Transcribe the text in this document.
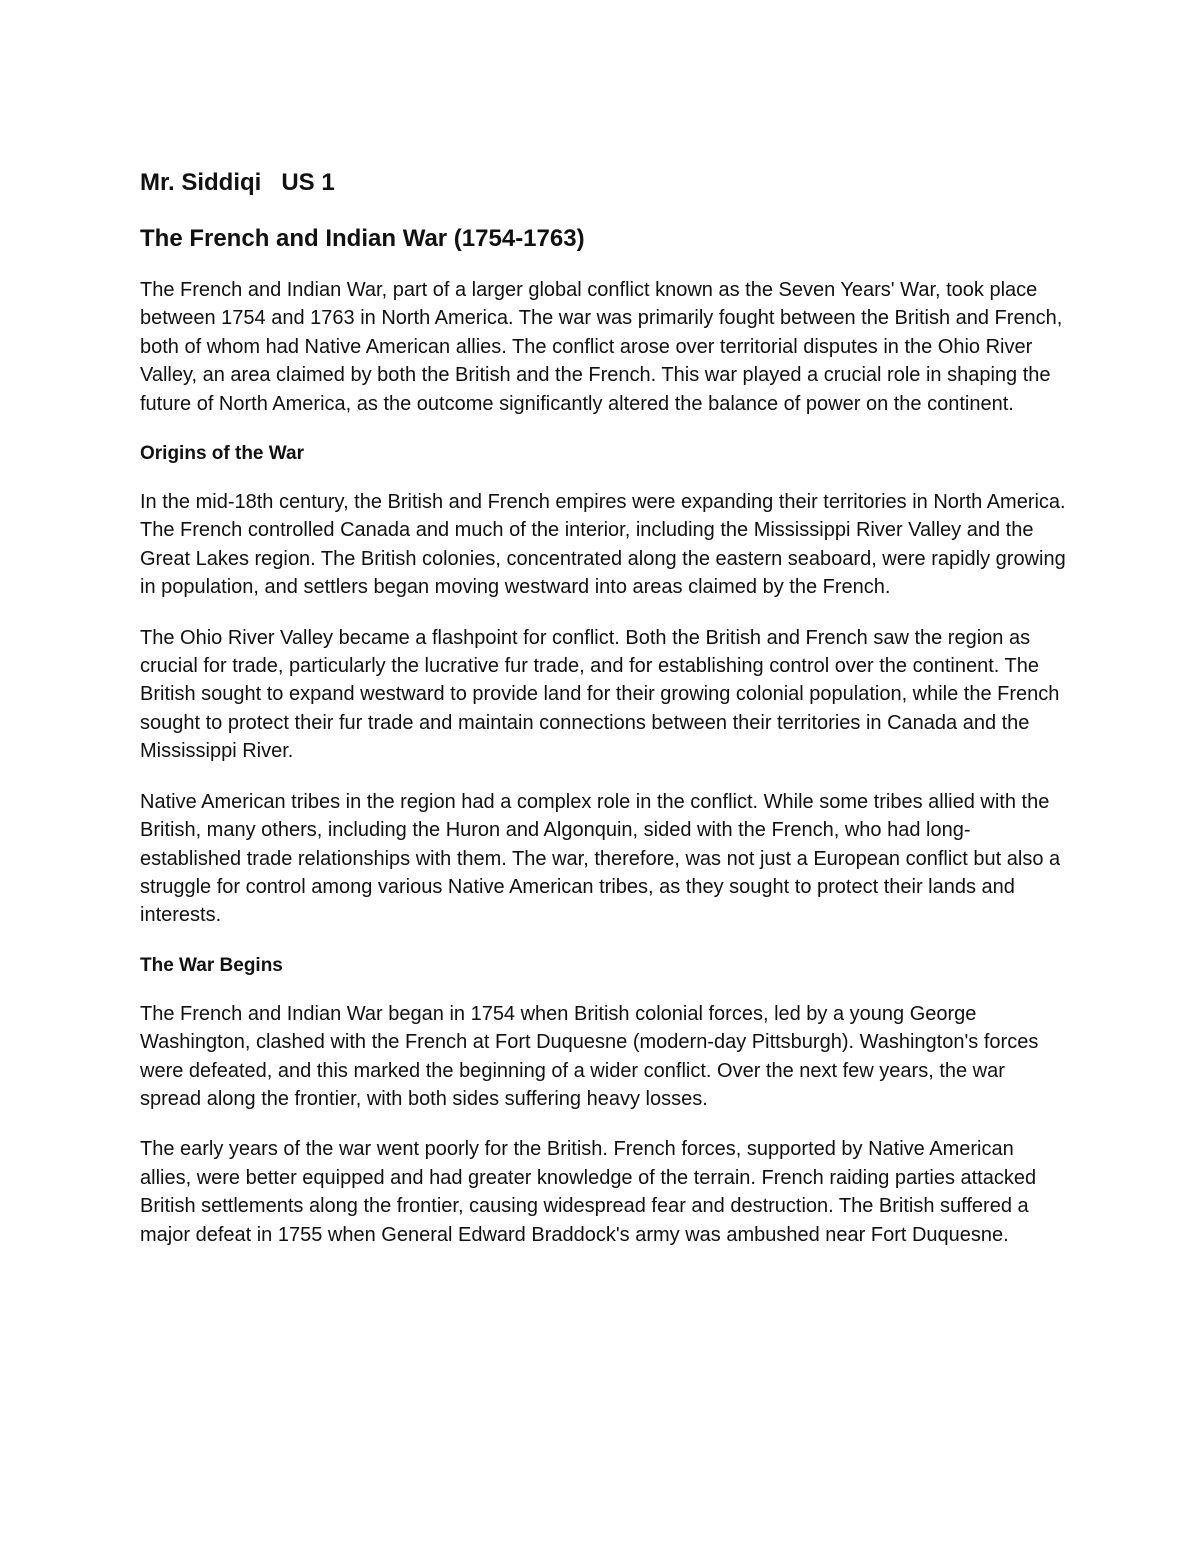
Mr. Siddiqi   US 1
The French and Indian War (1754-1763)

The French and Indian War, part of a larger global conflict known as the Seven Years' War, took place between 1754 and 1763 in North America. The war was primarily fought between the British and French, both of whom had Native American allies. The conflict arose over territorial disputes in the Ohio River Valley, an area claimed by both the British and the French. This war played a crucial role in shaping the future of North America, as the outcome significantly altered the balance of power on the continent.

Origins of the War

In the mid-18th century, the British and French empires were expanding their territories in North America. The French controlled Canada and much of the interior, including the Mississippi River Valley and the Great Lakes region. The British colonies, concentrated along the eastern seaboard, were rapidly growing in population, and settlers began moving westward into areas claimed by the French.

The Ohio River Valley became a flashpoint for conflict. Both the British and French saw the region as crucial for trade, particularly the lucrative fur trade, and for establishing control over the continent. The British sought to expand westward to provide land for their growing colonial population, while the French sought to protect their fur trade and maintain connections between their territories in Canada and the Mississippi River.

Native American tribes in the region had a complex role in the conflict. While some tribes allied with the British, many others, including the Huron and Algonquin, sided with the French, who had long-established trade relationships with them. The war, therefore, was not just a European conflict but also a struggle for control among various Native American tribes, as they sought to protect their lands and interests.

The War Begins

The French and Indian War began in 1754 when British colonial forces, led by a young George Washington, clashed with the French at Fort Duquesne (modern-day Pittsburgh). Washington's forces were defeated, and this marked the beginning of a wider conflict. Over the next few years, the war spread along the frontier, with both sides suffering heavy losses.

The early years of the war went poorly for the British. French forces, supported by Native American allies, were better equipped and had greater knowledge of the terrain. French raiding parties attacked British settlements along the frontier, causing widespread fear and destruction. The British suffered a major defeat in 1755 when General Edward Braddock's army was ambushed near Fort Duquesne.
